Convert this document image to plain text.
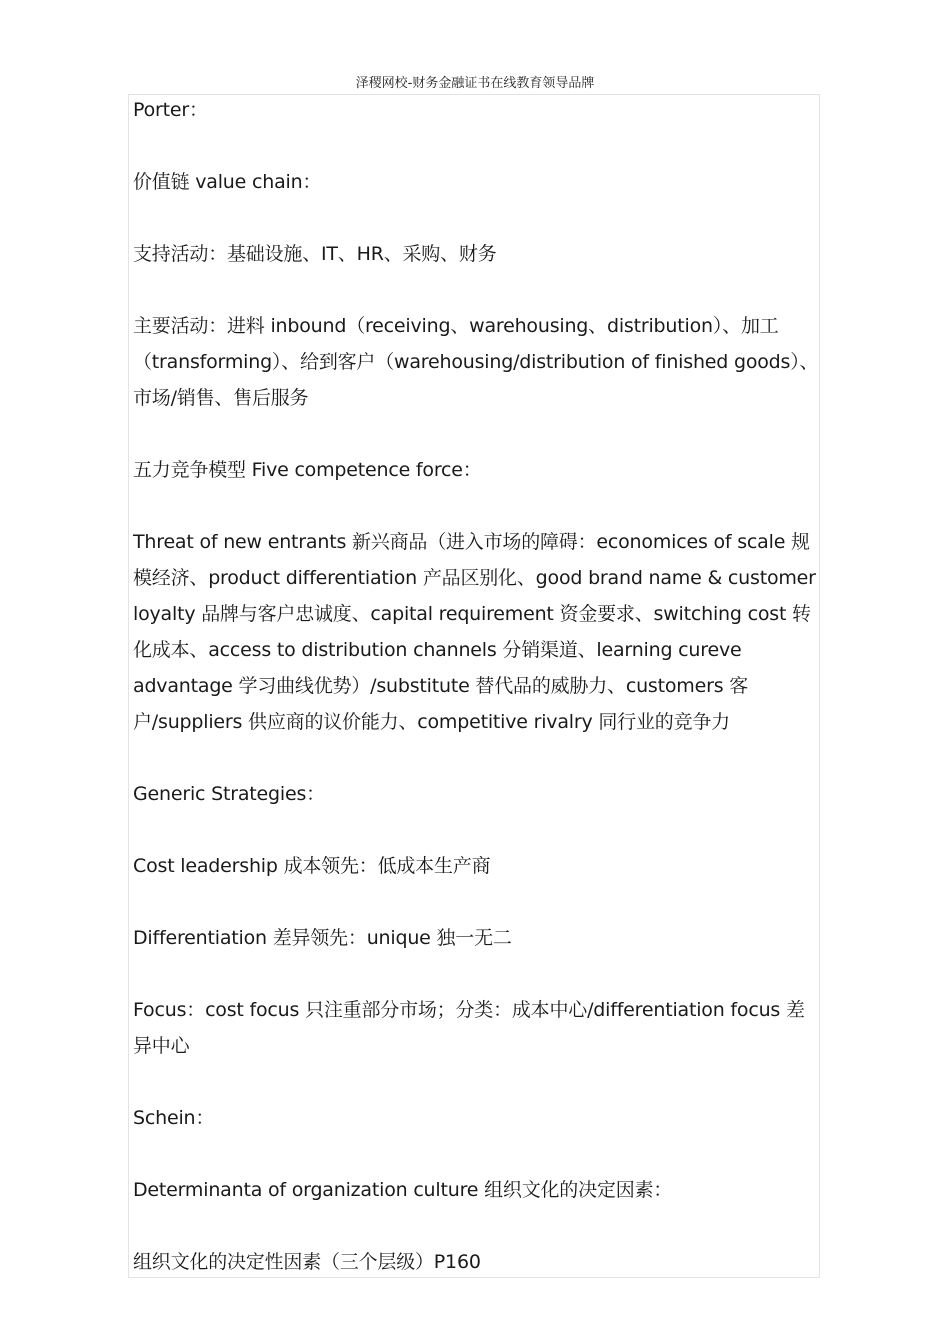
泽稷网校-财务金融证书在线教育领导品牌

Porter：

价值链 value chain：

支持活动：基础设施、IT、HR、采购、财务

主要活动：进料 inbound（receiving、warehousing、distribution）、加工（transforming）、给到客户（warehousing/distribution of finished goods）、市场/销售、售后服务

五力竞争模型 Five competence force：

Threat of new entrants 新兴商品（进入市场的障碍：economices of scale 规模经济、product differentiation 产品区别化、good brand name & customer loyalty 品牌与客户忠诚度、capital requirement 资金要求、switching cost 转化成本、access to distribution channels 分销渠道、learning cureve advantage 学习曲线优势）/substitute 替代品的威胁力、customers 客户/suppliers 供应商的议价能力、competitive rivalry 同行业的竞争力

Generic Strategies：

Cost leadership 成本领先：低成本生产商

Differentiation 差异领先：unique 独一无二

Focus：cost focus 只注重部分市场；分类：成本中心/differentiation focus 差异中心

Schein：

Determinanta of organization culture 组织文化的决定因素：

组织文化的决定性因素（三个层级）P160
